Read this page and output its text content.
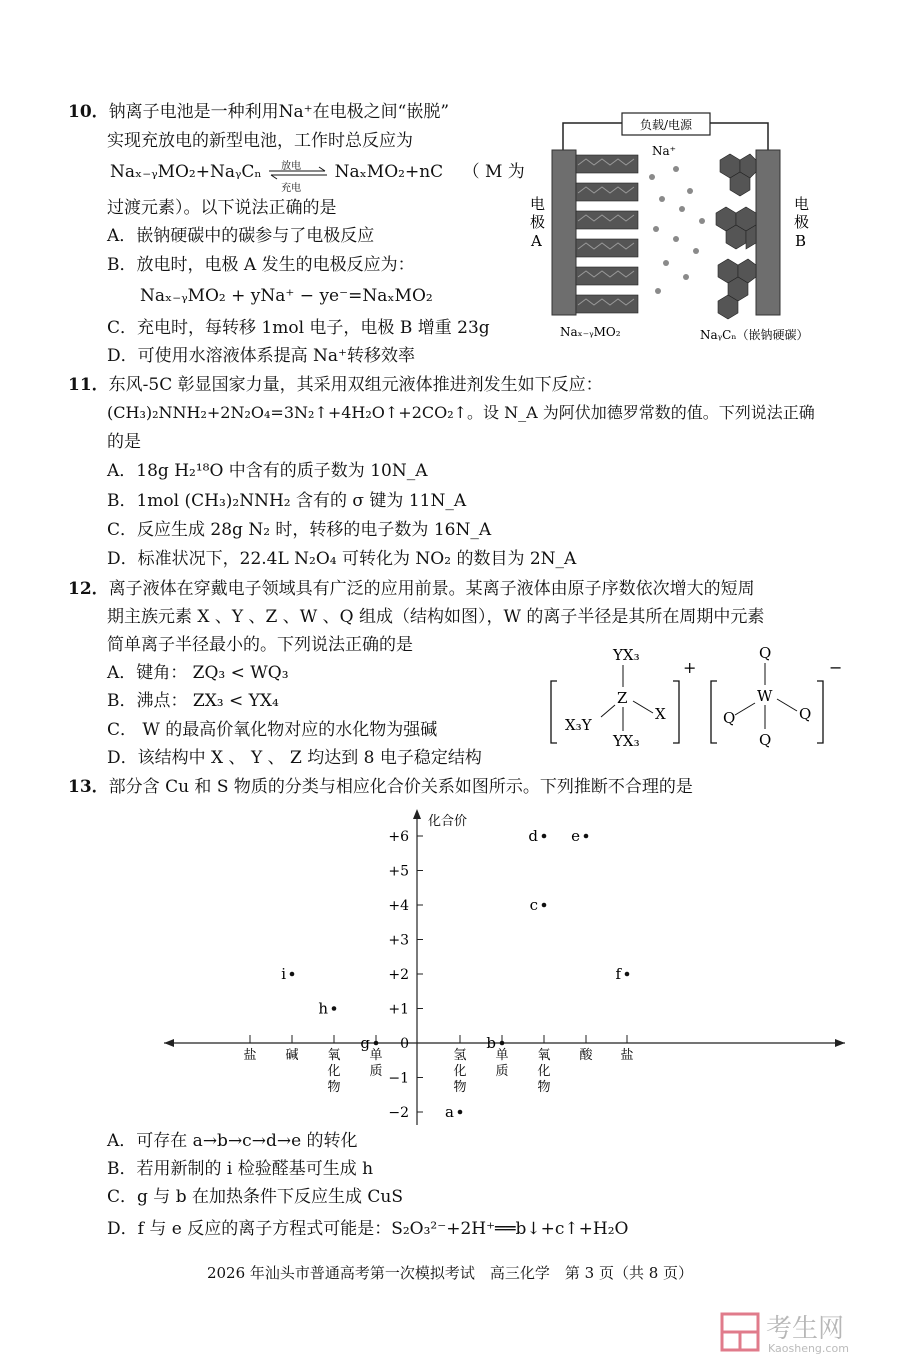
10．钠离子电池是一种利用Na⁺在电极之间“嵌脱”
实现充放电的新型电池，工作时总反应为
Naₓ₋ᵧMO₂+NaᵧCₙ 放电
充电
NaₓMO₂+nC （ M 为
过渡元素）。以下说法正确的是
A．嵌钠硬碳中的碳参与了电极反应
B．放电时，电极 A 发生的电极反应为：
Naₓ₋ᵧMO₂ + yNa⁺ − ye⁻=NaₓMO₂
C．充电时，每转移 1mol 电子，电极 B 增重 23g
D．可使用水溶液体系提高 Na⁺转移效率
负载/电源
Na⁺
电
极
A
电
极
B
Naₓ₋ᵧMO₂	NaᵧCₙ（嵌钠硬碳）
11．东风-5C 彰显国家力量，其采用双组元液体推进剂发生如下反应：
(CH₃)₂NNH₂+2N₂O₄=3N₂↑+4H₂O↑+2CO₂↑。设 N_A 为阿伏加德罗常数的值。下列说法正确
的是
A．18g H₂¹⁸O 中含有的质子数为 10N_A
B．1mol (CH₃)₂NNH₂ 含有的 σ 键为 11N_A
C．反应生成 28g N₂ 时，转移的电子数为 16N_A
D．标准状况下，22.4L N₂O₄ 可转化为 NO₂ 的数目为 2N_A
12．离子液体在穿戴电子领域具有广泛的应用前景。某离子液体由原子序数依次增大的短周
期主族元素 X 、Y 、Z 、W 、Q 组成（结构如图），W 的离子半径是其所在周期中元素
简单离子半径最小的。下列说法正确的是
A．键角： ZQ₃ < WQ₃
B．沸点： ZX₃ < YX₄
C． W 的最高价氧化物对应的水化物为强碱
D．该结构中 X 、 Y 、 Z 均达到 8 电子稳定结构
YX₃
Z
X₃Y
X
YX₃
+
Q
W
Q	Q
Q
−
13．部分含 Cu 和 S 物质的分类与相应化合价关系如图所示。下列推断不合理的是
化合价
+6
+5
+4
+3
+2
+1
0
−1
−2
盐 碱 氧
化
物
单
质
氢
化
物
单
质
氧
化
物
酸 盐
d e
c
i	f
h
g	b
a
A．可存在 a→b→c→d→e 的转化
B．若用新制的 i 检验醛基可生成 h
C．g 与 b 在加热条件下反应生成 CuS
D．f 与 e 反应的离子方程式可能是：S₂O₃²⁻+2H⁺══b↓+c↑+H₂O
2026 年汕头市普通高考第一次模拟考试　高三化学　第 3 页（共 8 页）
考生网
Kaosheng.com
